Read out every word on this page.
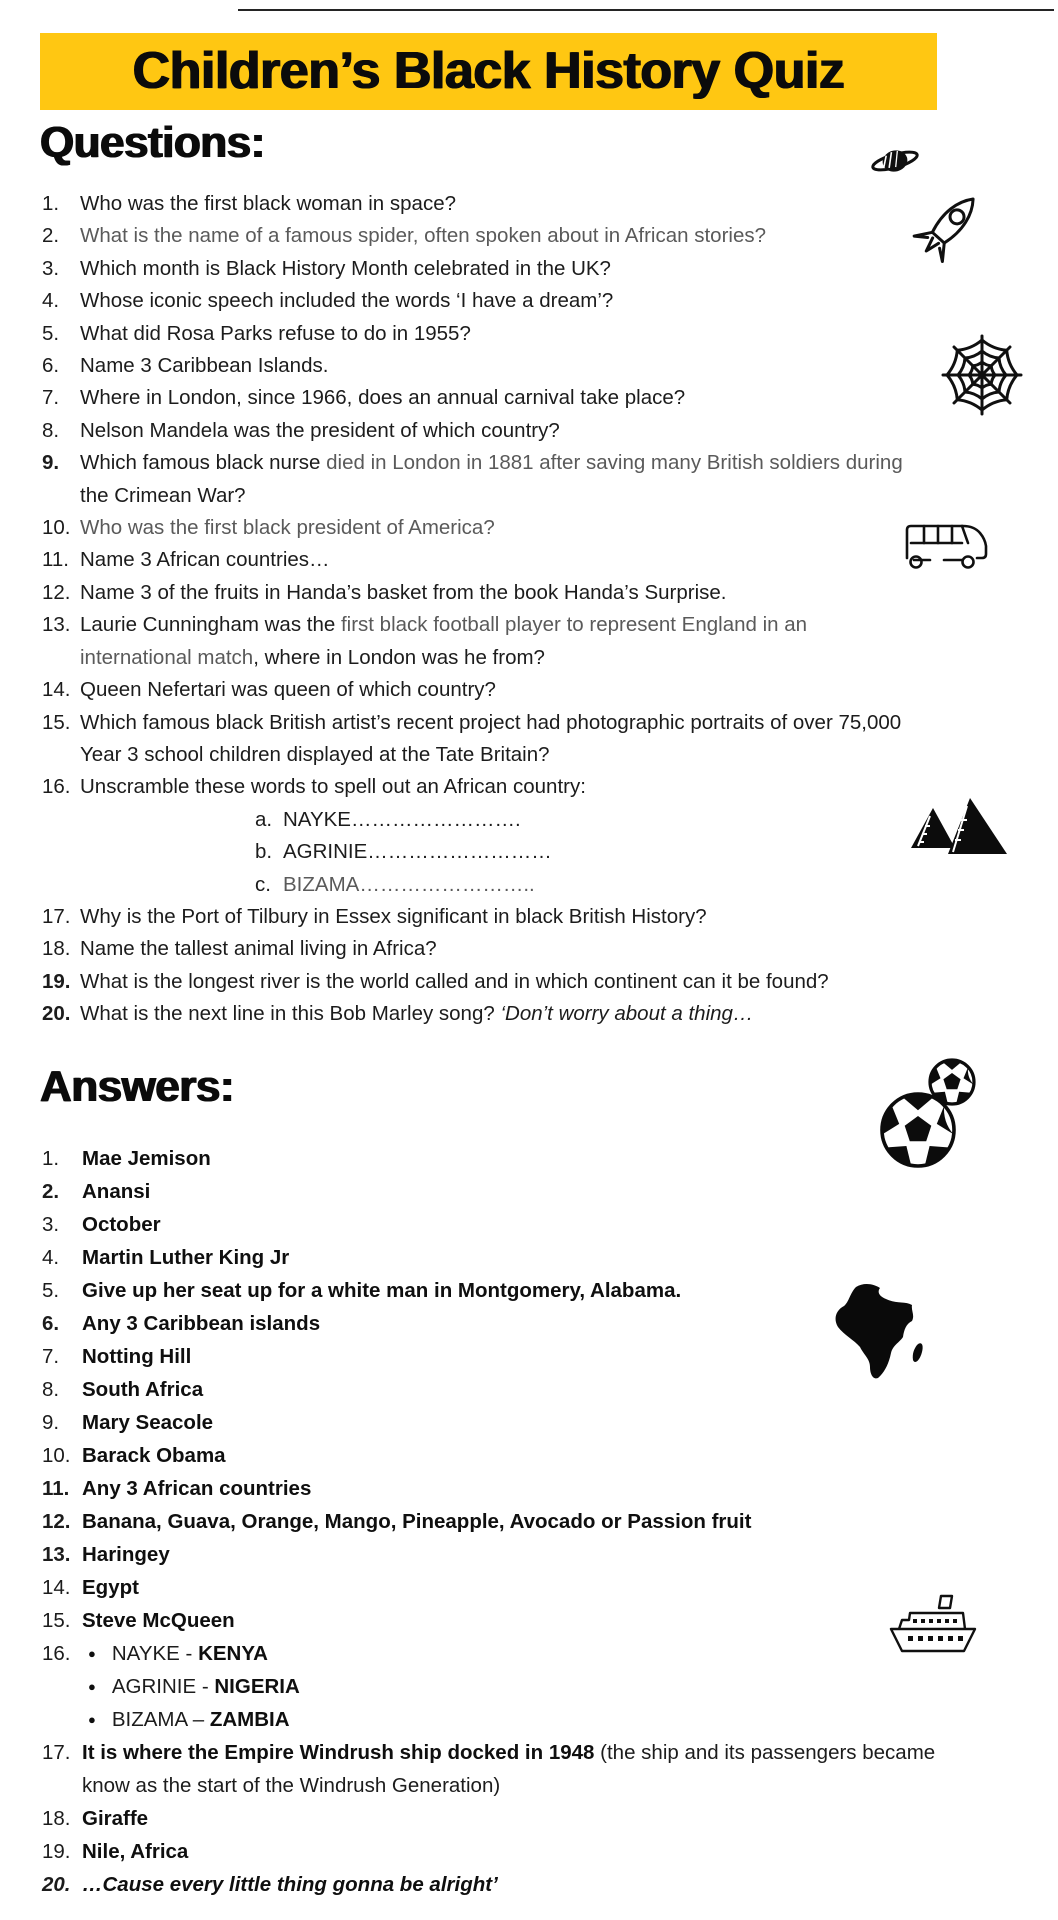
Children’s Black History Quiz
Questions:
1.	Who was the first black woman in space?
2.	What is the name of a famous spider, often spoken about in African stories?
3.	Which month is Black History Month celebrated in the UK?
4.	Whose iconic speech included the words ‘I have a dream’?
5.	What did Rosa Parks refuse to do in 1955?
6.	Name 3 Caribbean Islands.
7.	Where in London, since 1966, does an annual carnival take place?
8.	Nelson Mandela was the president of which country?
9.	Which famous black nurse died in London in 1881 after saving many British soldiers during
the Crimean War?
10. Who was the first black president of America?
11. Name 3 African countries…
12. Name 3 of the fruits in Handa’s basket from the book Handa’s Surprise.
13. Laurie Cunningham was the first black football player to represent England in an
international match, where in London was he from?
14. Queen Nefertari was queen of which country?
15. Which famous black British artist’s recent project had photographic portraits of over 75,000
Year 3 school children displayed at the Tate Britain?
16. Unscramble these words to spell out an African country:
a. NAYKE…………………….
b. AGRINIE………………………
c. BIZAMA……………………..
17. Why is the Port of Tilbury in Essex significant in black British History?
18. Name the tallest animal living in Africa?
19. What is the longest river is the world called and in which continent can it be found?
20. What is the next line in this Bob Marley song? ‘Don’t worry about a thing…
Answers:
1.	Mae Jemison
2.	Anansi
3.	October
4.	Martin Luther King Jr
5.	Give up her seat up for a white man in Montgomery, Alabama.
6.	Any 3 Caribbean islands
7.	Notting Hill
8.	South Africa
9.	Mary Seacole
10. Barack Obama
11. Any 3 African countries
12. Banana, Guava, Orange, Mango, Pineapple, Avocado or Passion fruit
13. Haringey
14. Egypt
15. Steve McQueen
16.	● NAYKE - KENYA
● AGRINIE - NIGERIA
● BIZAMA – ZAMBIA
17. It is where the Empire Windrush ship docked in 1948 (the ship and its passengers became
know as the start of the Windrush Generation)
18. Giraffe
19. Nile, Africa
20. …Cause every little thing gonna be alright’
